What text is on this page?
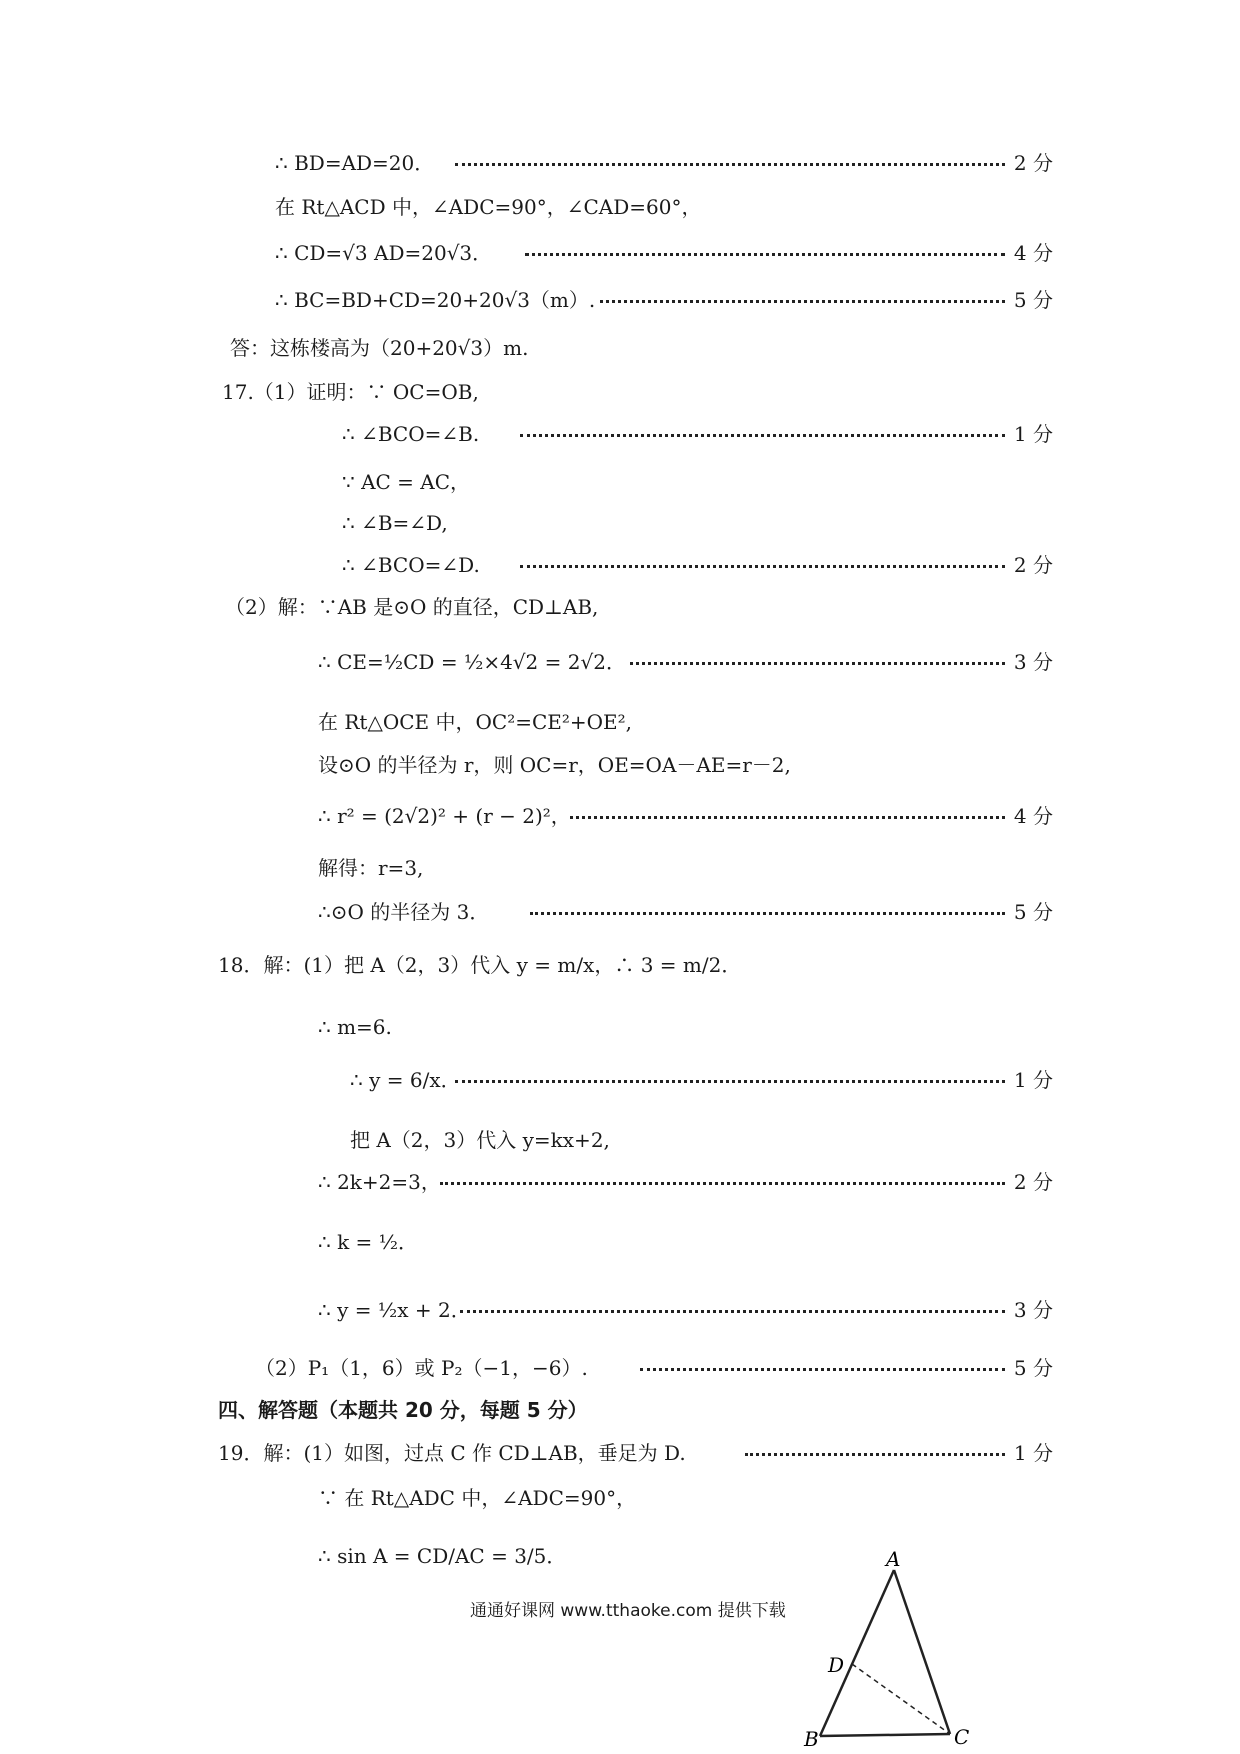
∴ BD=AD=20．	2 分
在 Rt△ACD 中，∠ADC=90°，∠CAD=60°，
∴ CD=√3 AD=20√3．	4 分
∴ BC=BD+CD=20+20√3（m）.	5 分
答：这栋楼高为（20+20√3）m.
17.（1）证明：∵ OC=OB,
∴ ∠BCO=∠B.	1 分
∵ AC = AC，
∴ ∠B=∠D,
∴ ∠BCO=∠D.	2 分
（2）解：∵AB 是⊙O 的直径，CD⊥AB,
∴ CE=½CD = ½×4√2 = 2√2．	3 分
在 Rt△OCE 中，OC²=CE²+OE²,
设⊙O 的半径为 r，则 OC=r，OE=OA－AE=r－2,
∴ r² = (2√2)² + (r − 2)²，	4 分
解得：r=3,
∴⊙O 的半径为 3．	5 分
18．解：(1）把 A（2，3）代入 y = m/x，∴ 3 = m/2．
∴ m=6.
∴ y = 6/x．	1 分
把 A（2，3）代入 y=kx+2,
∴ 2k+2=3，	2 分
∴ k = ½．
∴ y = ½x + 2．	3 分
（2）P₁（1，6）或 P₂（−1，−6）.	5 分
四、解答题（本题共 20 分，每题 5 分）
19．解：(1）如图，过点 C 作 CD⊥AB，垂足为 D.	1 分
∵ 在 Rt△ADC 中，∠ADC=90°，
∴ sin A = CD/AC = 3/5．
通通好课网 www.tthaoke.com 提供下载
A
D
B	C
